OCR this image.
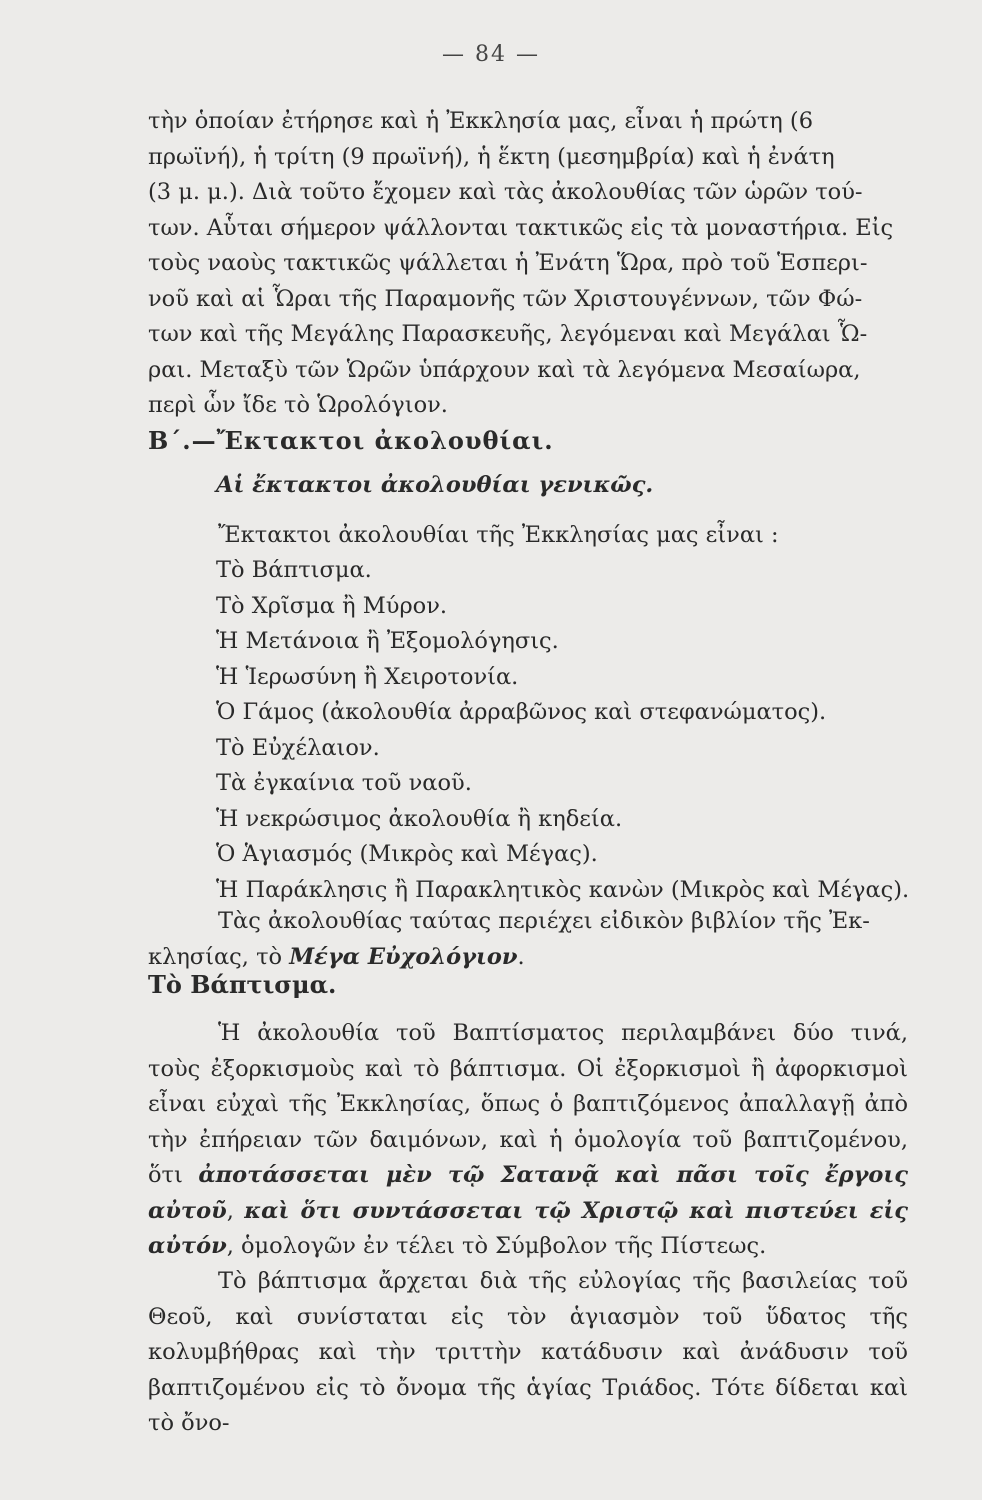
— 84 —
τὴν ὁποίαν ἐτήρησε καὶ ἡ Ἐκκλησία μας, εἶναι ἡ πρώτη (6
πρωϊνή), ἡ τρίτη (9 πρωϊνή), ἡ ἕκτη (μεσημβρία) καὶ ἡ ἐνάτη
(3 μ. μ.). Διὰ τοῦτο ἔχομεν καὶ τὰς ἀκολουθίας τῶν ὡρῶν τού-
των. Αὗται σήμερον ψάλλονται τακτικῶς εἰς τὰ μοναστήρια. Εἰς
τοὺς ναοὺς τακτικῶς ψάλλεται ἡ Ἐνάτη Ὥρα, πρὸ τοῦ Ἑσπερι-
νοῦ καὶ αἱ Ὧραι τῆς Παραμονῆς τῶν Χριστουγέννων, τῶν Φώ-
των καὶ τῆς Μεγάλης Παρασκευῆς, λεγόμεναι καὶ Μεγάλαι Ὧ-
ραι. Μεταξὺ τῶν Ὡρῶν ὑπάρχουν καὶ τὰ λεγόμενα Μεσαίωρα,
περὶ ὧν ἴδε τὸ Ὡρολόγιον.
Β΄.—Ἔκτακτοι ἀκολουθίαι.
Αἱ ἔκτακτοι ἀκολουθίαι γενικῶς.

Ἔκτακτοι ἀκολουθίαι τῆς Ἐκκλησίας μας εἶναι :

Τὸ Βάπτισμα.
Τὸ Χρῖσμα ἢ Μύρον.
Ἡ Μετάνοια ἢ Ἐξομολόγησις.
Ἡ Ἱερωσύνη ἢ Χειροτονία.
Ὁ Γάμος (ἀκολουθία ἀρραβῶνος καὶ στεφανώματος).
Τὸ Εὐχέλαιον.
Τὰ ἐγκαίνια τοῦ ναοῦ.
Ἡ νεκρώσιμος ἀκολουθία ἢ κηδεία.
Ὁ Ἁγιασμός (Μικρὸς καὶ Μέγας).
Ἡ Παράκλησις ἢ Παρακλητικὸς κανὼν (Μικρὸς καὶ Μέγας).
Τὰς ἀκολουθίας ταύτας περιέχει εἰδικὸν βιβλίον τῆς Ἐκ-
κλησίας, τὸ Μέγα Εὐχολόγιον.
Τὸ Βάπτισμα.

Ἡ ἀκολουθία τοῦ Βαπτίσματος περιλαμβάνει δύο τινά, τοὺς ἐξορκισμοὺς καὶ τὸ βάπτισμα. Οἱ ἐξορκισμοὶ ἢ ἀφορκισμοὶ εἶναι εὐχαὶ τῆς Ἐκκλησίας, ὅπως ὁ βαπτιζόμενος ἀπαλλαγῇ ἀπὸ τὴν ἐπήρειαν τῶν δαιμόνων, καὶ ἡ ὁμολογία τοῦ βαπτιζομένου, ὅτι ἀποτάσσεται μὲν τῷ Σατανᾷ καὶ πᾶσι τοῖς ἔργοις αὐτοῦ, καὶ ὅτι συντάσσεται τῷ Χριστῷ καὶ πιστεύει εἰς αὐτόν, ὁμολογῶν ἐν τέλει τὸ Σύμβολον τῆς Πίστεως.

Τὸ βάπτισμα ἄρχεται διὰ τῆς εὐλογίας τῆς βασιλείας τοῦ Θεοῦ, καὶ συνίσταται εἰς τὸν ἁγιασμὸν τοῦ ὕδατος τῆς κολυμβήθρας καὶ τὴν τριττὴν κατάδυσιν καὶ ἀνάδυσιν τοῦ βαπτιζομένου εἰς τὸ ὄνομα τῆς ἁγίας Τριάδος. Τότε δίδεται καὶ τὸ ὄνο-
